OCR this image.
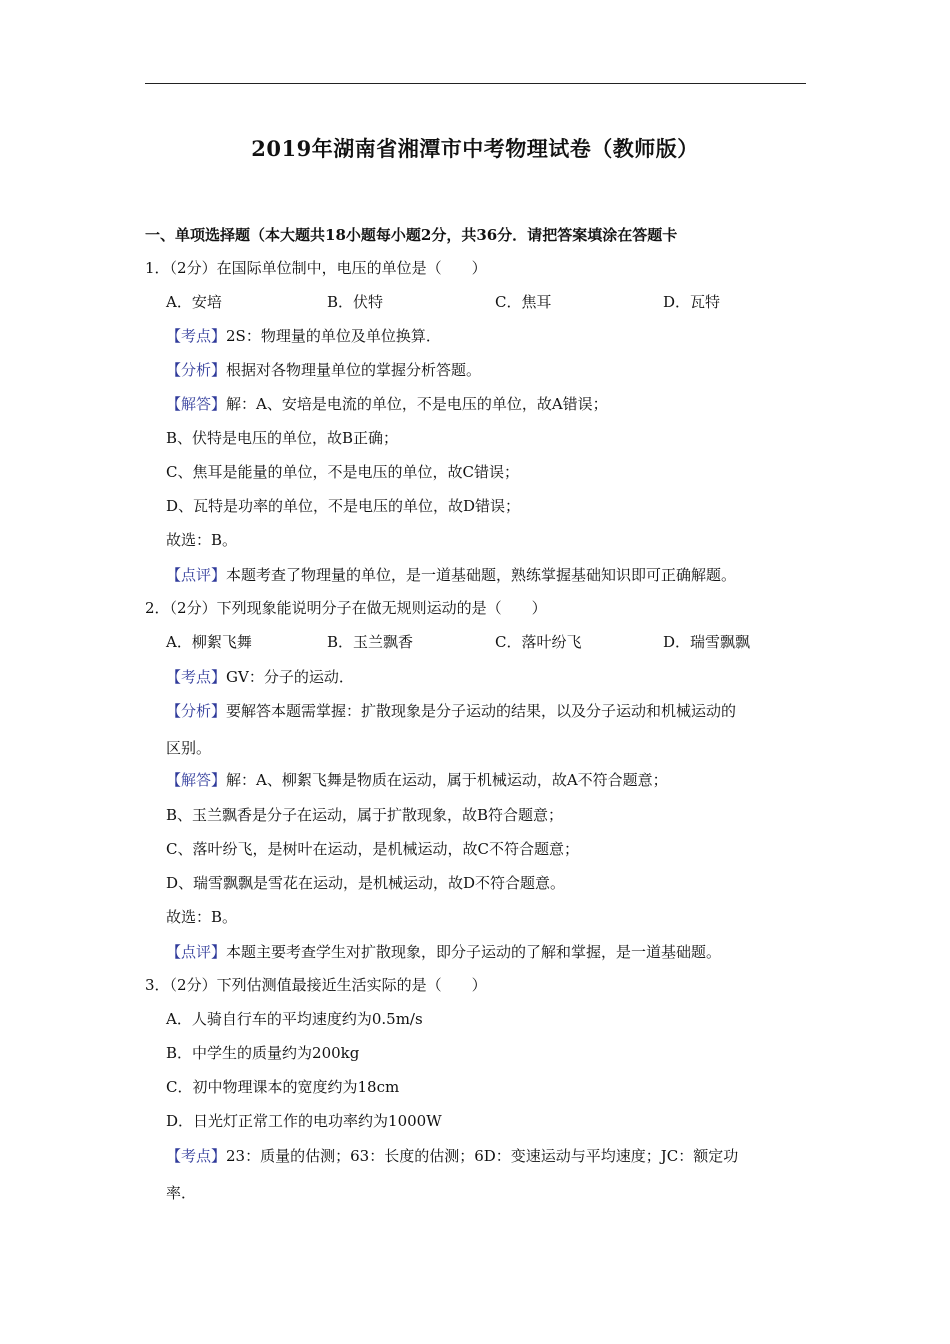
2019年湖南省湘潭市中考物理试卷（教师版）
一、单项选择题（本大题共18小题每小题2分，共36分．请把答案填涂在答题卡
1．（2分）在国际单位制中，电压的单位是（　　）
A．安培	B．伏特	C．焦耳	D．瓦特
【考点】2S：物理量的单位及单位换算．
【分析】根据对各物理量单位的掌握分析答题。
【解答】解：A、安培是电流的单位，不是电压的单位，故A错误；
B、伏特是电压的单位，故B正确；
C、焦耳是能量的单位，不是电压的单位，故C错误；
D、瓦特是功率的单位，不是电压的单位，故D错误；
故选：B。
【点评】本题考查了物理量的单位，是一道基础题，熟练掌握基础知识即可正确解题。
2．（2分）下列现象能说明分子在做无规则运动的是（　　）
A．柳絮飞舞	B．玉兰飘香	C．落叶纷飞	D．瑞雪飘飘
【考点】GV：分子的运动．
【分析】要解答本题需掌握：扩散现象是分子运动的结果，以及分子运动和机械运动的
区别。
【解答】解：A、柳絮飞舞是物质在运动，属于机械运动，故A不符合题意；
B、玉兰飘香是分子在运动，属于扩散现象，故B符合题意；
C、落叶纷飞，是树叶在运动，是机械运动，故C不符合题意；
D、瑞雪飘飘是雪花在运动，是机械运动，故D不符合题意。
故选：B。
【点评】本题主要考查学生对扩散现象，即分子运动的了解和掌握，是一道基础题。
3．（2分）下列估测值最接近生活实际的是（　　）
A．人骑自行车的平均速度约为0.5m/s
B．中学生的质量约为200kg
C．初中物理课本的宽度约为18cm
D．日光灯正常工作的电功率约为1000W
【考点】23：质量的估测；63：长度的估测；6D：变速运动与平均速度；JC：额定功
率．
